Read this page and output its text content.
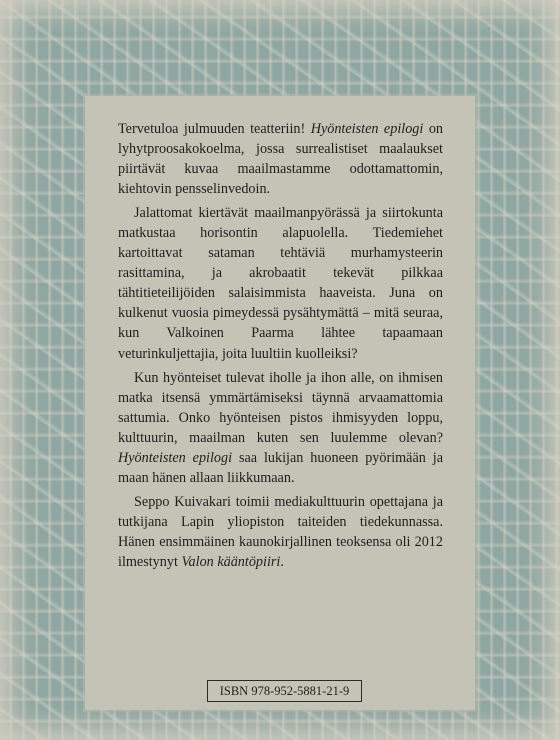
Tervetuloa julmuuden teatteriin! Hyönteisten epilogi on lyhytproosakokoelma, jossa surrealistiset maalaukset piirtävät kuvaa maailmastamme odottamattomin, kiehtovin pensselinvedoin.

Jalattomat kiertävät maailmanpyörässä ja siirtokunta matkustaa horisontin alapuolella. Tiedemiehet kartoittavat sataman tehtäviä murhamysteerin rasittamina, ja akrobaatit tekevät pilkkaa tähtitieteilijöiden salaisimmista haaveista. Juna on kulkenut vuosia pimeydessä pysähtymättä – mitä seuraa, kun Valkoinen Paarma lähtee tapaamaan veturinkuljettajia, joita luultiin kuolleiksi?

Kun hyönteiset tulevat iholle ja ihon alle, on ihmisen matka itsensä ymmärtämiseksi täynnä arvaamattomia sattumia. Onko hyönteisen pistos ihmisyyden loppu, kulttuurin, maailman kuten sen luulemme olevan? Hyönteisten epilogi saa lukijan huoneen pyörimään ja maan hänen allaan liikkumaan.

Seppo Kuivakari toimii mediakulttuurin opettajana ja tutkijana Lapin yliopiston taiteiden tiedekunnassa. Hänen ensimmäinen kaunokirjallinen teoksensa oli 2012 ilmestynyt Valon kääntöpiiri.

ISBN 978-952-5881-21-9
